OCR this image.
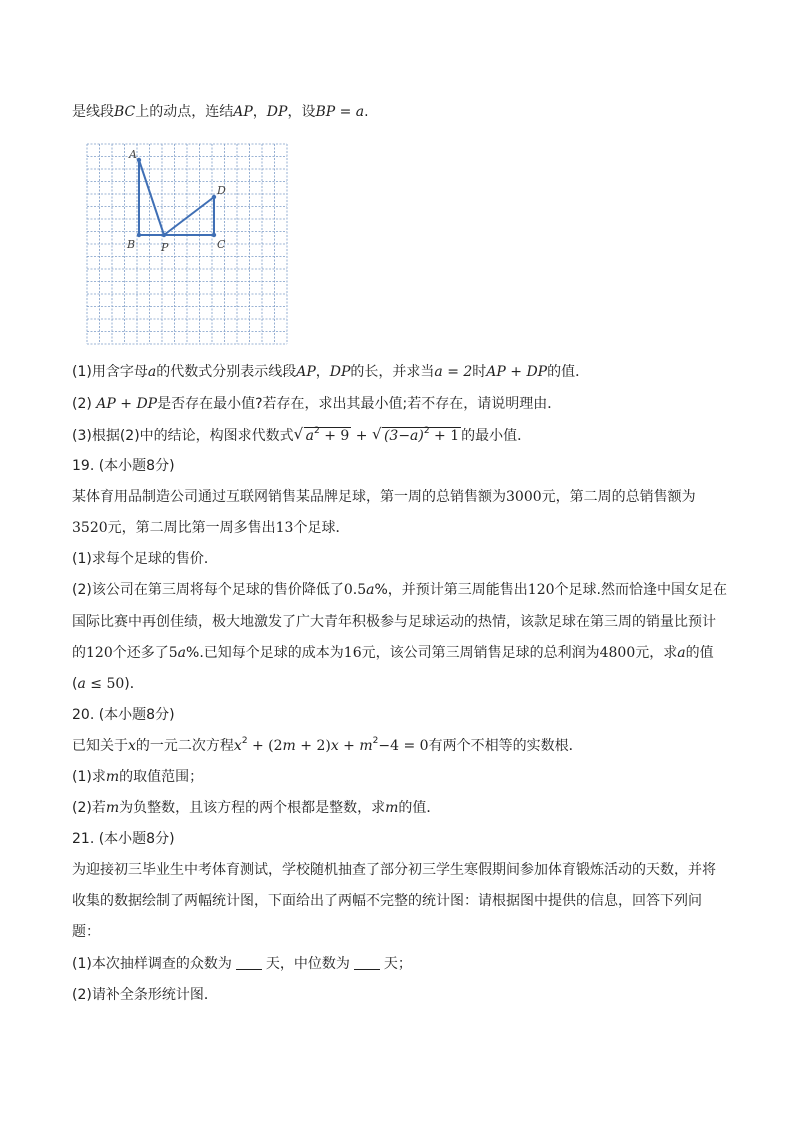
是线段BC上的动点，连结AP，DP，设BP = a.
A
B P	C
D
(1)用含字母a的代数式分别表示线段AP，DP的长，并求当a = 2时AP + DP的值．
(2) AP + DP是否存在最小值?若存在，求出其最小值;若不存在，请说明理由．
(3)根据(2)中的结论，构图求代数式 √ $a^2 + 9$ + √ $(3-a)^2 + 1$ 的最小值．
19. (本小题8分)
某体育用品制造公司通过互联网销售某品牌足球，第一周的总销售额为3000元，第二周的总销售额为
3520元，第二周比第一周多售出13个足球．
(1)求每个足球的售价．
(2)该公司在第三周将每个足球的售价降低了0.5a%，并预计第三周能售出120个足球.然而恰逢中国女足在
国际比赛中再创佳绩，极大地激发了广大青年积极参与足球运动的热情，该款足球在第三周的销量比预计
的120个还多了5a%.已知每个足球的成本为16元，该公司第三周销售足球的总利润为4800元，求a的值
(a ≤ 50)．
20. (本小题8分)
已知关于x的一元二次方程$x^2 + (2m + 2)x + m^2-4 = 0$有两个不相等的实数根．
(1)求m的取值范围；
(2)若m为负整数，且该方程的两个根都是整数，求m的值．
21. (本小题8分)
为迎接初三毕业生中考体育测试，学校随机抽查了部分初三学生寒假期间参加体育锻炼活动的天数，并将
收集的数据绘制了两幅统计图，下面给出了两幅不完整的统计图：请根据图中提供的信息，回答下列问
题：
(1)本次抽样调查的众数为 天，中位数为 天；
(2)请补全条形统计图．
